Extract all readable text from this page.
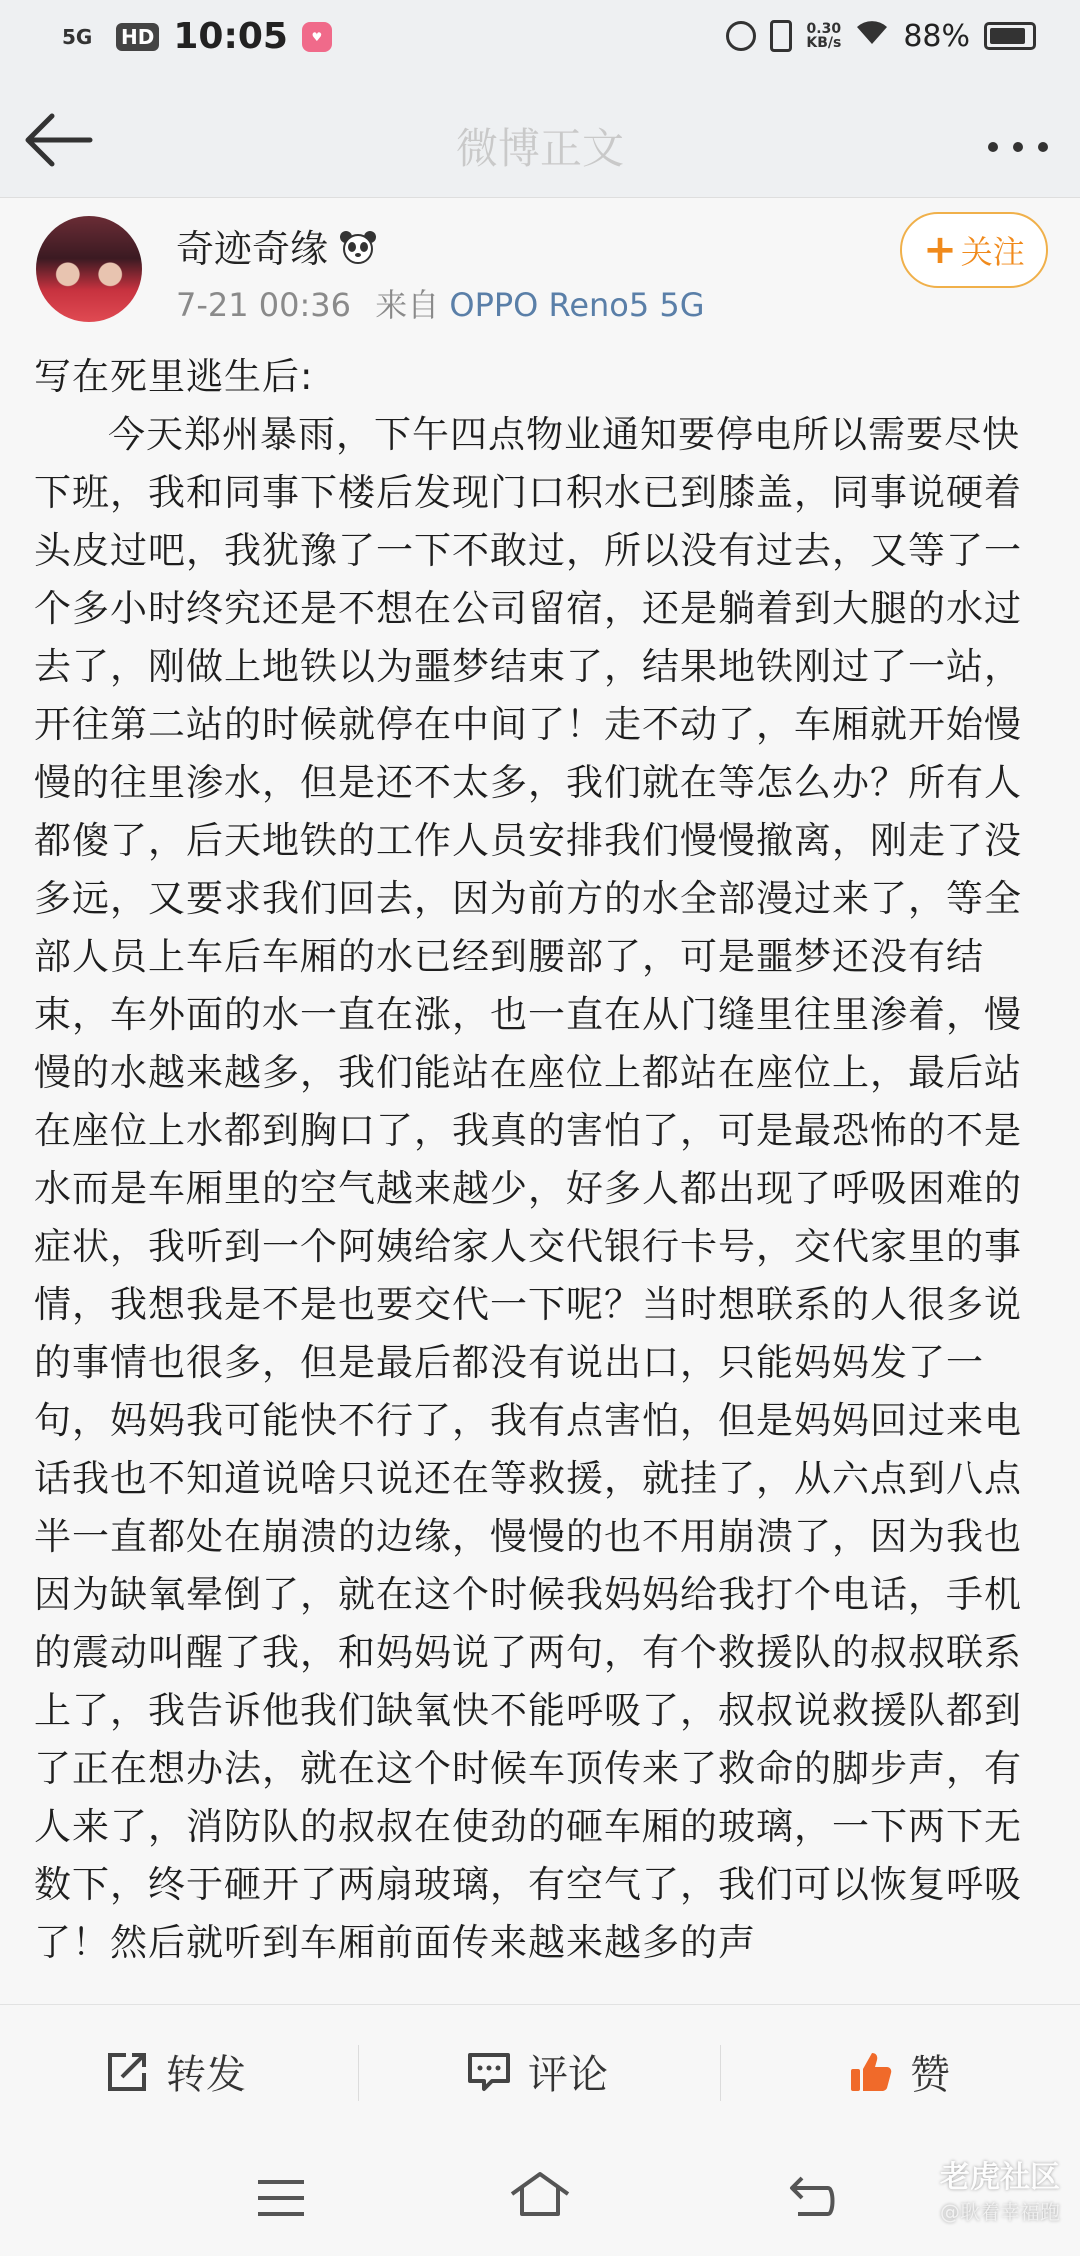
5G	HD 10:05	♥	0.30
KB/s 88%
微博正文
奇迹奇缘
7-21 00:36 来自 OPPO Reno5 5G
+ 关注

写在死里逃生后:

今天郑州暴雨，下午四点物业通知要停电所以需要尽快下班，我和同事下楼后发现门口积水已到膝盖，同事说硬着头皮过吧，我犹豫了一下不敢过，所以没有过去，又等了一个多小时终究还是不想在公司留宿，还是躺着到大腿的水过去了，刚做上地铁以为噩梦结束了，结果地铁刚过了一站，开往第二站的时候就停在中间了！走不动了，车厢就开始慢慢的往里渗水，但是还不太多，我们就在等怎么办？所有人都傻了，后天地铁的工作人员安排我们慢慢撤离，刚走了没多远，又要求我们回去，因为前方的水全部漫过来了，等全部人员上车后车厢的水已经到腰部了，可是噩梦还没有结束，车外面的水一直在涨，也一直在从门缝里往里渗着，慢慢的水越来越多，我们能站在座位上都站在座位上，最后站在座位上水都到胸口了，我真的害怕了，可是最恐怖的不是水而是车厢里的空气越来越少，好多人都出现了呼吸困难的症状，我听到一个阿姨给家人交代银行卡号，交代家里的事情，我想我是不是也要交代一下呢？当时想联系的人很多说的事情也很多，但是最后都没有说出口，只能妈妈发了一句，妈妈我可能快不行了，我有点害怕，但是妈妈回过来电话我也不知道说啥只说还在等救援，就挂了，从六点到八点半一直都处在崩溃的边缘，慢慢的也不用崩溃了，因为我也因为缺氧晕倒了，就在这个时候我妈妈给我打个电话，手机的震动叫醒了我，和妈妈说了两句，有个救援队的叔叔联系上了，我告诉他我们缺氧快不能呼吸了，叔叔说救援队都到了正在想办法，就在这个时候车顶传来了救命的脚步声，有人来了，消防队的叔叔在使劲的砸车厢的玻璃，一下两下无数下，终于砸开了两扇玻璃，有空气了，我们可以恢复呼吸了！然后就听到车厢前面传来越来越多的声

转发	评论	赞
老虎社区
@耿着幸福跑
